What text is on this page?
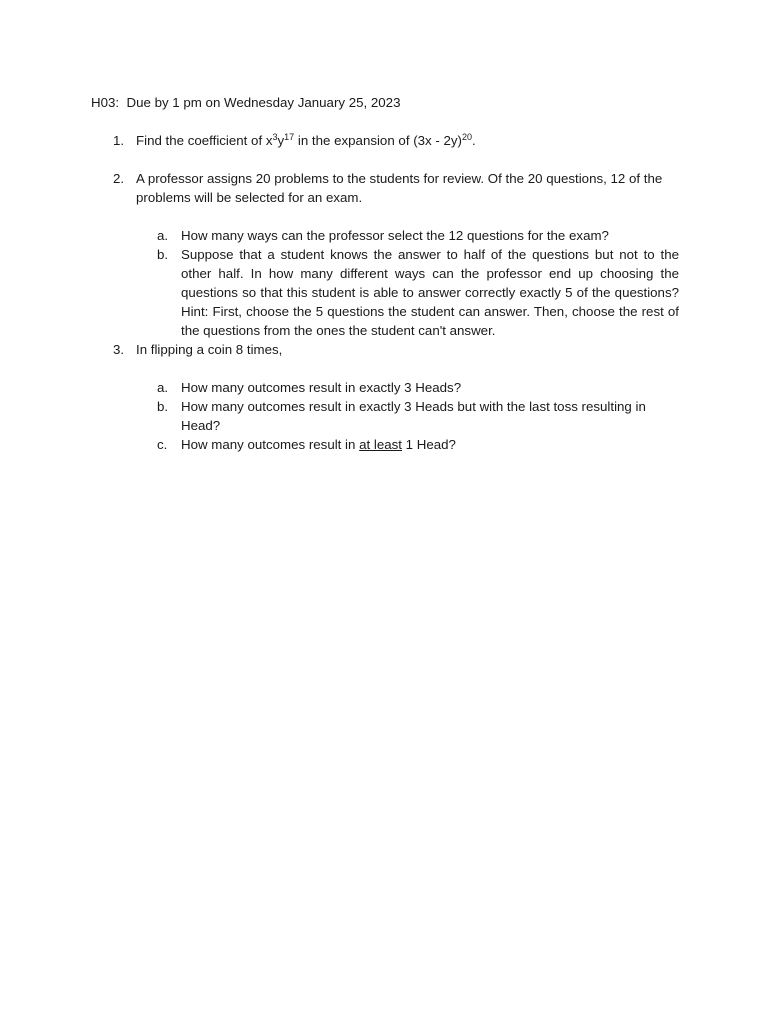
H03:  Due by 1 pm on Wednesday January 25, 2023
1. Find the coefficient of $x^3y^{17}$ in the expansion of (3x - 2y)$^{20}$.
2. A professor assigns 20 problems to the students for review. Of the 20 questions, 12 of the problems will be selected for an exam.
a. How many ways can the professor select the 12 questions for the exam?
b. Suppose that a student knows the answer to half of the questions but not to the other half. In how many different ways can the professor end up choosing the questions so that this student is able to answer correctly exactly 5 of the questions? Hint: First, choose the 5 questions the student can answer. Then, choose the rest of the questions from the ones the student can't answer.
3. In flipping a coin 8 times,
a. How many outcomes result in exactly 3 Heads?
b. How many outcomes result in exactly 3 Heads but with the last toss resulting in Head?
c.	How many outcomes result in at least 1 Head?
